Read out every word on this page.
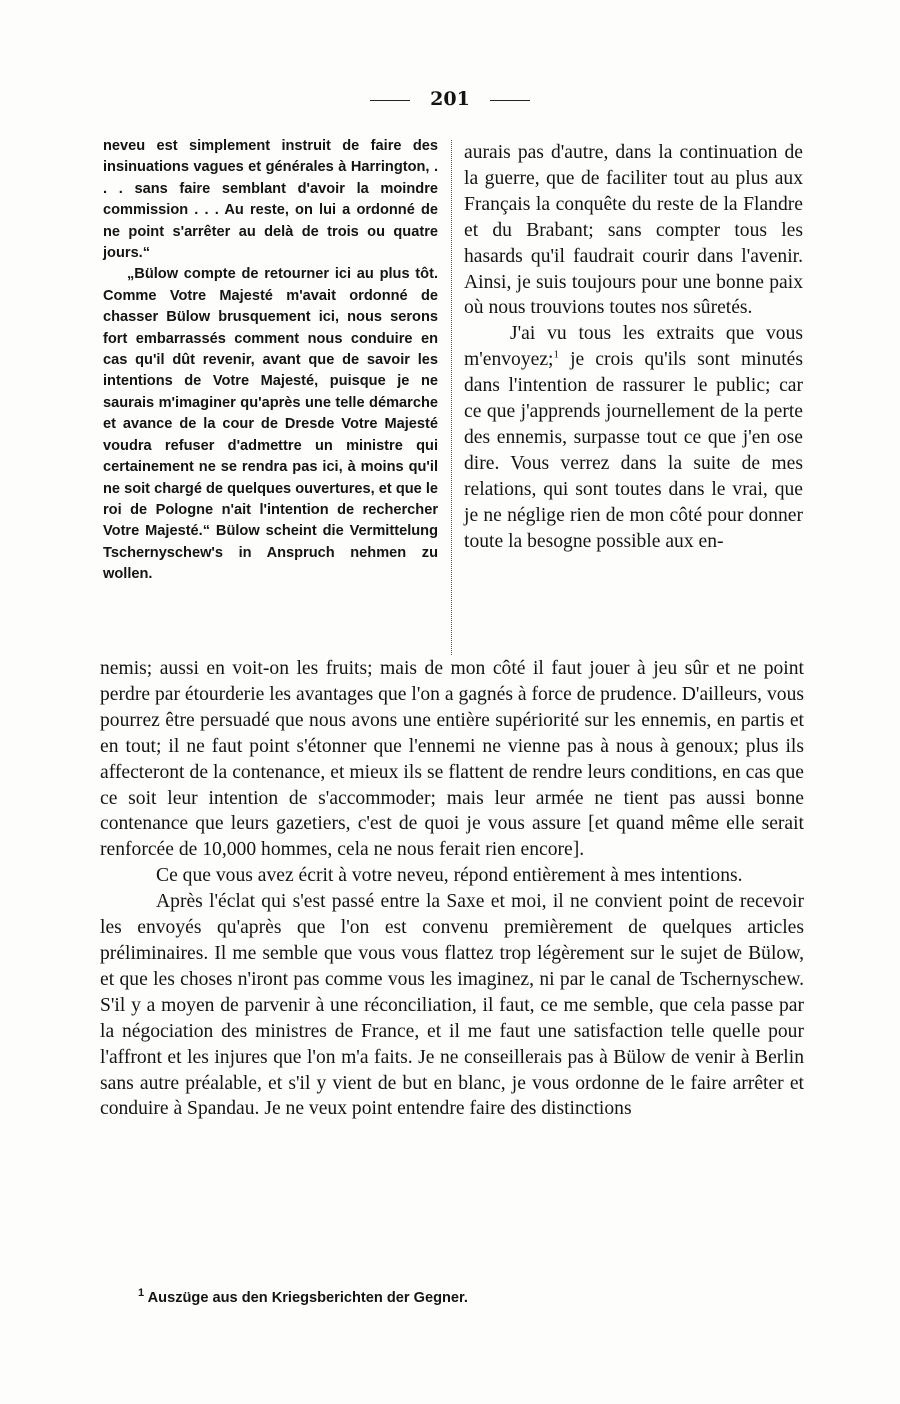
201

neveu est simplement instruit de faire des insinuations vagues et générales à Harrington, . . . sans faire semblant d'avoir la moindre commission . . . Au reste, on lui a ordonné de ne point s'arrêter au delà de trois ou quatre jours.“

„Bülow compte de retourner ici au plus tôt. Comme Votre Majesté m'avait ordonné de chasser Bülow brusquement ici, nous serons fort embarrassés comment nous conduire en cas qu'il dût revenir, avant que de savoir les intentions de Votre Majesté, puisque je ne saurais m'imaginer qu'après une telle démarche et avance de la cour de Dresde Votre Majesté voudra refuser d'admettre un ministre qui certainement ne se rendra pas ici, à moins qu'il ne soit chargé de quelques ouvertures, et que le roi de Pologne n'ait l'intention de rechercher Votre Majesté.“ Bülow scheint die Vermittelung Tschernyschew's in Anspruch nehmen zu wollen.

aurais pas d'autre, dans la continuation de la guerre, que de faciliter tout au plus aux Français la conquête du reste de la Flandre et du Brabant; sans compter tous les hasards qu'il faudrait courir dans l'avenir. Ainsi, je suis toujours pour une bonne paix où nous trouvions toutes nos sûretés.

J'ai vu tous les extraits que vous m'envoyez;$^1$ je crois qu'ils sont minutés dans l'intention de rassurer le public; car ce que j'apprends journellement de la perte des ennemis, surpasse tout ce que j'en ose dire. Vous verrez dans la suite de mes relations, qui sont toutes dans le vrai, que je ne néglige rien de mon côté pour donner toute la besogne possible aux en-

nemis; aussi en voit-on les fruits; mais de mon côté il faut jouer à jeu sûr et ne point perdre par étourderie les avantages que l'on a gagnés à force de prudence. D'ailleurs, vous pourrez être persuadé que nous avons une entière supériorité sur les ennemis, en partis et en tout; il ne faut point s'étonner que l'ennemi ne vienne pas à nous à genoux; plus ils affecteront de la contenance, et mieux ils se flattent de rendre leurs conditions, en cas que ce soit leur intention de s'accommoder; mais leur armée ne tient pas aussi bonne contenance que leurs gazetiers, c'est de quoi je vous assure [et quand même elle serait renforcée de 10,000 hommes, cela ne nous ferait rien encore].

Ce que vous avez écrit à votre neveu, répond entièrement à mes intentions.

Après l'éclat qui s'est passé entre la Saxe et moi, il ne convient point de recevoir les envoyés qu'après que l'on est convenu premièrement de quelques articles préliminaires. Il me semble que vous vous flattez trop légèrement sur le sujet de Bülow, et que les choses n'iront pas comme vous les imaginez, ni par le canal de Tschernyschew. S'il y a moyen de parvenir à une réconciliation, il faut, ce me semble, que cela passe par la négociation des ministres de France, et il me faut une satisfaction telle quelle pour l'affront et les injures que l'on m'a faits. Je ne conseillerais pas à Bülow de venir à Berlin sans autre préalable, et s'il y vient de but en blanc, je vous ordonne de le faire arrêter et conduire à Spandau. Je ne veux point entendre faire des distinctions

$^1$ Auszüge aus den Kriegsberichten der Gegner.
